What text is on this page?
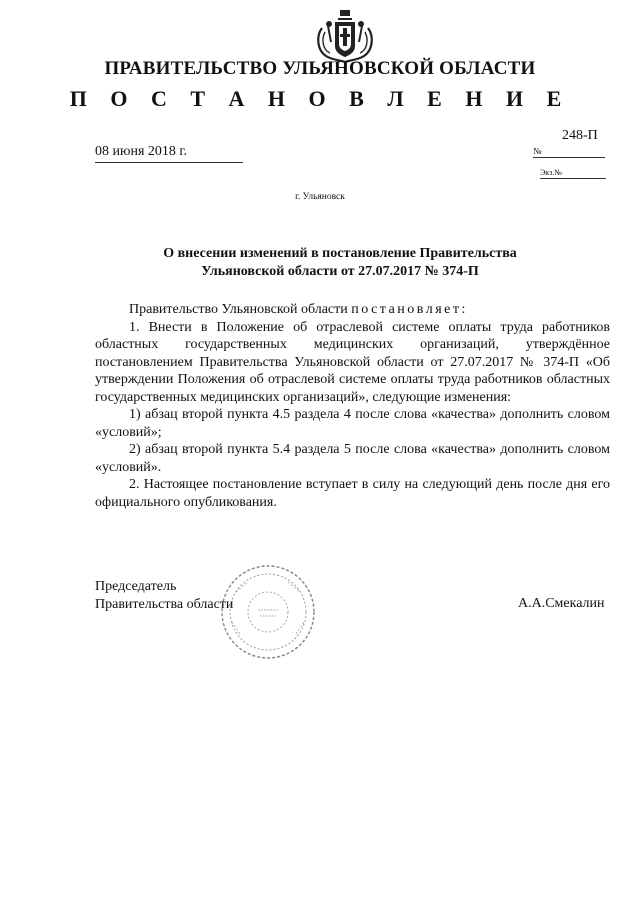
ПРАВИТЕЛЬСТВО УЛЬЯНОВСКОЙ ОБЛАСТИ
П О С Т А Н О В Л Е Н И Е
08 июня 2018 г.
248-П
№
Экз.№
г. Ульяновск
О внесении изменений в постановление Правительства
Ульяновской области от 27.07.2017 № 374-П

Правительство Ульяновской области постановляет:

1. Внести в Положение об отраслевой системе оплаты труда работников областных государственных медицинских организаций, утверждённое постановлением Правительства Ульяновской области от 27.07.2017 № 374-П «Об утверждении Положения об отраслевой системе оплаты труда работников областных государственных медицинских организаций», следующие изменения:

1) абзац второй пункта 4.5 раздела 4 после слова «качества» дополнить словом «условий»;

2) абзац второй пункта 5.4 раздела 5 после слова «качества» дополнить словом «условий».

2. Настоящее постановление вступает в силу на следующий день после дня его официального опубликования.

Председатель
Правительства области	А.А.Смекалин
